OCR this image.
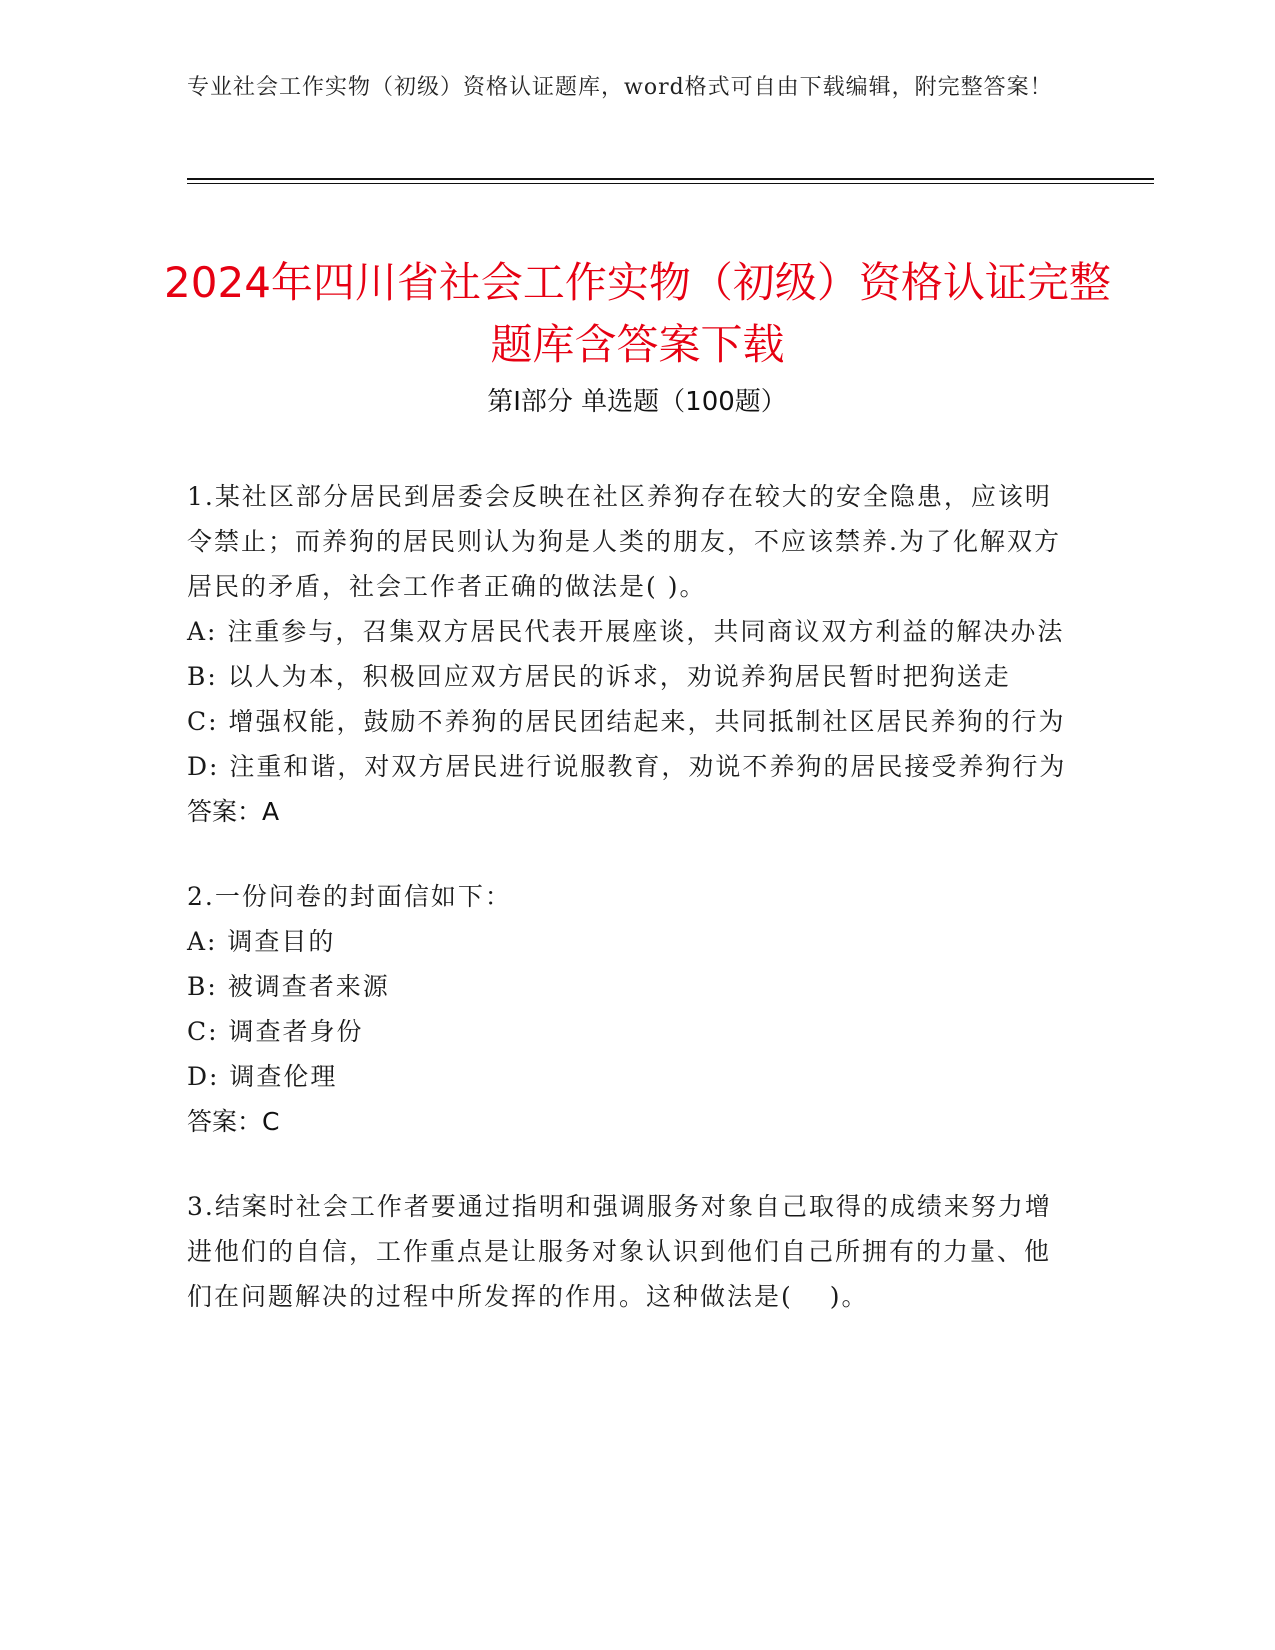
专业社会工作实物（初级）资格认证题库，word格式可自由下载编辑，附完整答案！
2024年四川省社会工作实物（初级）资格认证完整题库含答案下载
第Ⅰ部分 单选题（100题）
1.某社区部分居民到居委会反映在社区养狗存在较大的安全隐患，应该明令禁止；而养狗的居民则认为狗是人类的朋友，不应该禁养.为了化解双方居民的矛盾，社会工作者正确的做法是( )。
A: 注重参与，召集双方居民代表开展座谈，共同商议双方利益的解决办法
B: 以人为本，积极回应双方居民的诉求，劝说养狗居民暂时把狗送走
C: 增强权能，鼓励不养狗的居民团结起来，共同抵制社区居民养狗的行为
D: 注重和谐，对双方居民进行说服教育，劝说不养狗的居民接受养狗行为
答案：A
2.一份问卷的封面信如下：
A: 调查目的
B: 被调查者来源
C: 调查者身份
D: 调查伦理
答案：C
3.结案时社会工作者要通过指明和强调服务对象自己取得的成绩来努力增进他们的自信，工作重点是让服务对象认识到他们自己所拥有的力量、他们在问题解决的过程中所发挥的作用。这种做法是(　 )。
